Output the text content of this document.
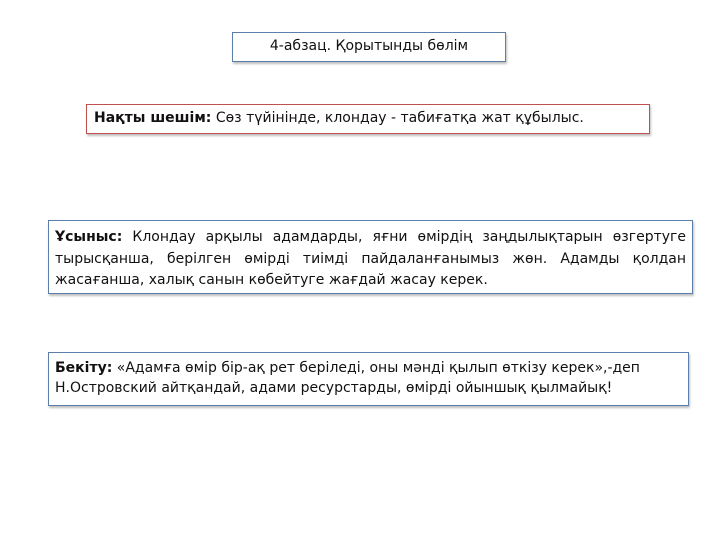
4-абзац. Қорытынды бөлім
Нақты шешім: Сөз түйінінде, клондау - табиғатқа жат құбылыс.
Ұсыныс: Клондау арқылы адамдарды, яғни өмірдің заңдылықтарын өзгертуге тырысқанша, берілген өмірді тиімді пайдаланғанымыз жөн. Адамды қолдан жасағанша, халық санын көбейтуге жағдай жасау керек.
Бекіту: «Адамға өмір бір-ақ рет беріледі, оны мәнді қылып өткізу керек»,-деп Н.Островский айтқандай, адами ресурстарды, өмірді ойыншық қылмайық!
